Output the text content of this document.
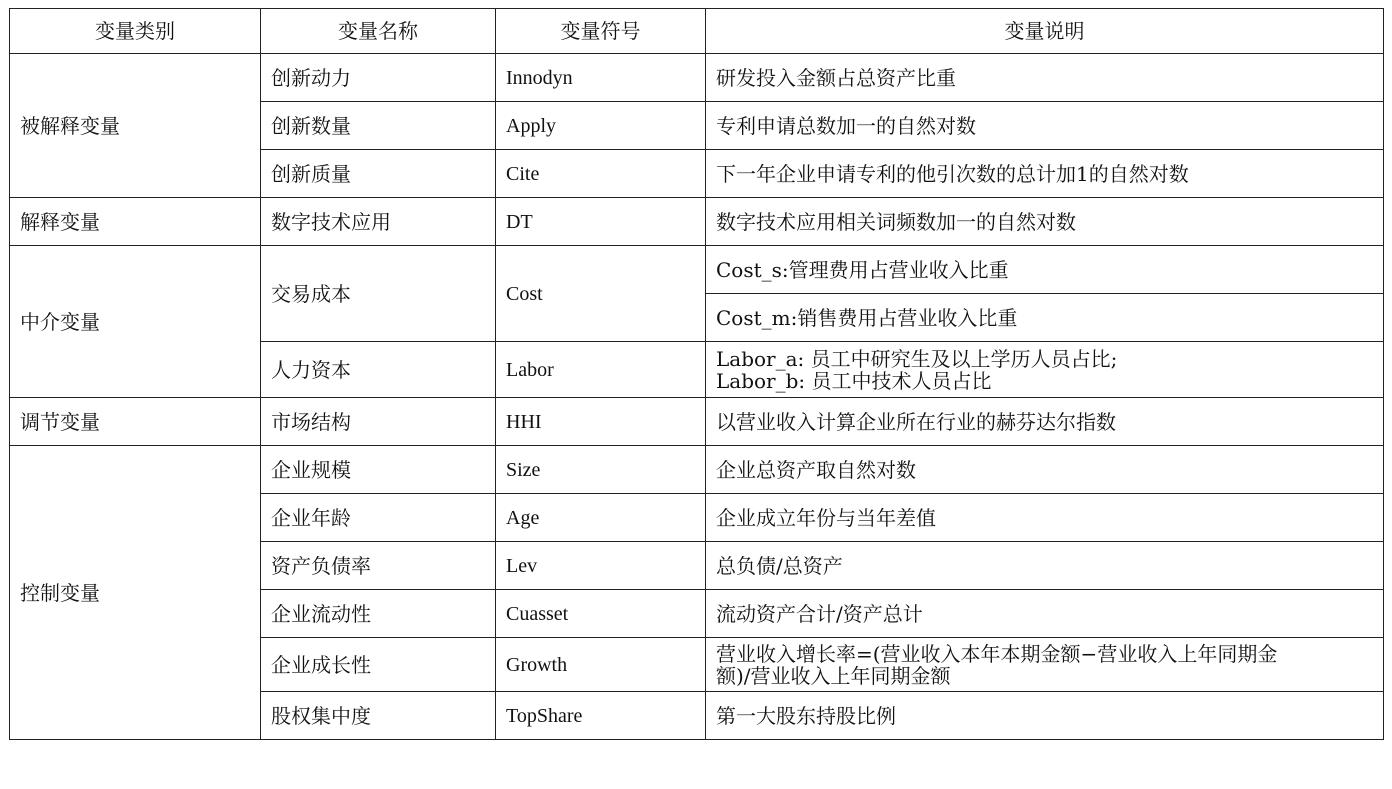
变量类别	变量名称	变量符号	变量说明
被解释变量	创新动力	Innodyn	研发投入金额占总资产比重
	创新数量	Apply	专利申请总数加一的自然对数
	创新质量	Cite	下一年企业申请专利的他引次数的总计加1的自然对数
解释变量	数字技术应用	DT	数字技术应用相关词频数加一的自然对数
中介变量	交易成本	Cost	Cost_s:管理费用占营业收入比重
			Cost_m:销售费用占营业收入比重
	人力资本	Labor	Labor_a: 员工中研究生及以上学历人员占比;
Labor_b: 员工中技术人员占比

调节变量	市场结构	HHI	以营业收入计算企业所在行业的赫芬达尔指数
控制变量	企业规模	Size	企业总资产取自然对数
	企业年龄	Age	企业成立年份与当年差值
	资产负债率	Lev	总负债/总资产
	企业流动性	Cuasset	流动资产合计/资产总计
	企业成长性	Growth	营业收入增长率=(营业收入本年本期金额−营业收入上年同期金
额)/营业收入上年同期金额

	股权集中度	TopShare	第一大股东持股比例
